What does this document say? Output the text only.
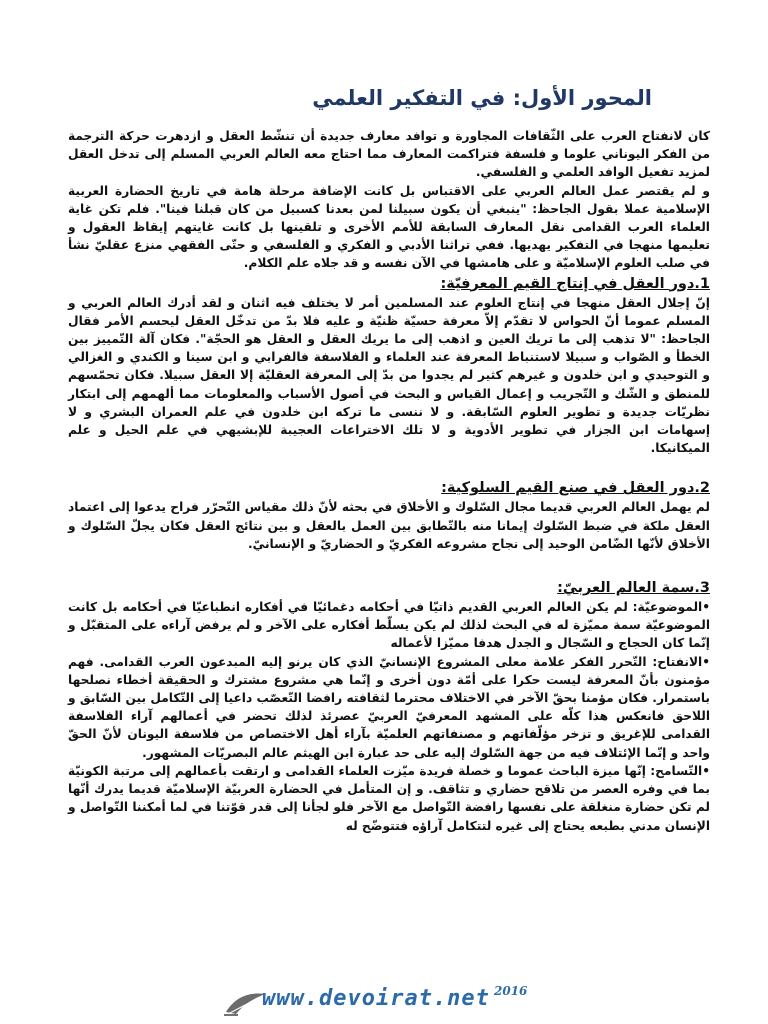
المحور الأول: في التفكير العلمي

كان لانفتاح العرب على الثّقافات المجاورة و توافد معارف جديدة أن تنشّط العقل و ازدهرت حركة الترجمة من الفكر اليوناني علوما و فلسفة فتراكمت المعارف مما احتاج معه العالم العربي المسلم إلى تدخل العقل لمزيد تفعيل الوافد العلمي و الفلسفي.

و لم يقتصر عمل العالم العربي على الاقتباس بل كانت الإضافة مرحلة هامة في تاريخ الحضارة العربية الإسلامية عملا بقول الجاحظ: "ينبغي أن يكون سبيلنا لمن بعدنا كسبيل من كان قبلنا فينا". فلم تكن غاية العلماء العرب القدامى نقل المعارف السابقة للأمم الأخرى و تلقينها بل كانت غايتهم إيقاظ العقول و تعليمها منهجا في التفكير يهديها. ففي تراثنا الأدبي و الفكري و الفلسفي و حتّى الفقهي منزع عقليّ نشأ في صلب العلوم الإسلاميّة و على هامشها في الآن نفسه و قد جلاه علم الكلام.

1.دور العقل في إنتاج القيم المعرفيّة:

إنّ إجلال العقل منهجا في إنتاج العلوم عند المسلمين أمر لا يختلف فيه اثنان و لقد أدرك العالم العربي و المسلم عموما أنّ الحواس لا تقدّم إلاّ معرفة حسيّة ظنيّة و عليه فلا بدّ من تدخّل العقل ليحسم الأمر فقال الجاحظ: "لا تذهب إلى ما تريك العين و اذهب إلى ما يريك العقل و العقل هو الحجّة". فكان آلة التّمييز بين الخطأ و الصّواب و سبيلا لاستنباط المعرفة عند العلماء و الفلاسفة فالفرابي و ابن سينا و الكندي و الغزالي و التوحيدي و ابن خلدون و غيرهم كثير لم يجدوا من بدّ إلى المعرفة العقليّة إلا العقل سبيلا. فكان تحمّسهم للمنطق و الشّك و التّجريب و إعمال القياس و البحث في أصول الأسباب والمعلومات مما ألهمهم إلى ابتكار نظريّات جديدة و تطوير العلوم السّابقة. و لا ننسى ما تركه ابن خلدون في علم العمران البشري و لا إسهامات ابن الجزار في تطوير الأدوية و لا تلك الاختراعات العجيبة للإبشيهي في علم الحيل و علم الميكانيكا.

2.دور العقل في صنع القيم السلوكية:

لم يهمل العالم العربي قديما مجال السّلوك و الأخلاق في بحثه لأنّ ذلك مقياس التّحرّر فراح يدعوا إلى اعتماد العقل ملكة في ضبط السّلوك إيمانا منه بالتّطابق بين العمل بالعقل و بين نتائج العقل فكان يجلّ السّلوك و الأخلاق لأنّها الضّامن الوحيد إلى نجاح مشروعه الفكريّ و الحضاريّ و الإنسانيّ.

3.سمة العالم العربيّ:

•الموضوعيّة: لم يكن العالم العربي القديم ذاتيّا في أحكامه دغمائيّا في أفكاره انطباعيّا في أحكامه بل كانت الموضوعيّة سمة مميّزة له في البحث لذلك لم يكن يسلّط أفكاره على الآخر و لم يرفض آراءه على المتقبّل و إنّما كان الحجاج و السّجال و الجدل هدفا مميّزا لأعماله

•الانفتاح: التّحرر الفكر علامة معلى المشروع الإنسانيّ الذي كان يرنو إليه المبدعون العرب القدامى. فهم مؤمنون بأنّ المعرفة ليست حكرا على أمّة دون أخرى و إنّما هي مشروع مشترك و الحقيقة أخطاء نصلحها باستمرار. فكان مؤمنا بحقّ الآخر في الاختلاف محترما لثقافته رافضا التّعصّب داعيا إلى التّكامل بين السّابق و اللاحق فانعكس هذا كلّه على المشهد المعرفيّ العربيّ عصرئذ لذلك تحضر في أعمالهم آراء الفلاسفة القدامى للإغريق و تزخر مؤلّفاتهم و مصنفاتهم العلميّة بآراء أهل الاختصاص من فلاسفة اليونان لأنّ الحقّ واحد و إنّما الإئتلاف فيه من جهة السّلوك إليه على حد عبارة ابن الهيثم عالم البصريّات المشهور.

•التّسامح: إنّها ميزة الباحث عموما و خصلة فريدة ميّزت العلماء القدامى و ارتقت بأعمالهم إلى مرتبة الكونيّة بما في وفره العصر من تلاقح حضاري و تثاقف. و إن المتأمل في الحضارة العربيّة الإسلاميّة قديما يدرك أنّها لم تكن حضارة منغلقة على نفسها رافضة التّواصل مع الآخر فلو لجأنا إلى قدر قوّتنا في لما أمكننا التّواصل و الإنسان مدني بطبعه يحتاج إلى غيره لتتكامل آراؤه فتتوضّح له

www.devoirat.net 2016
